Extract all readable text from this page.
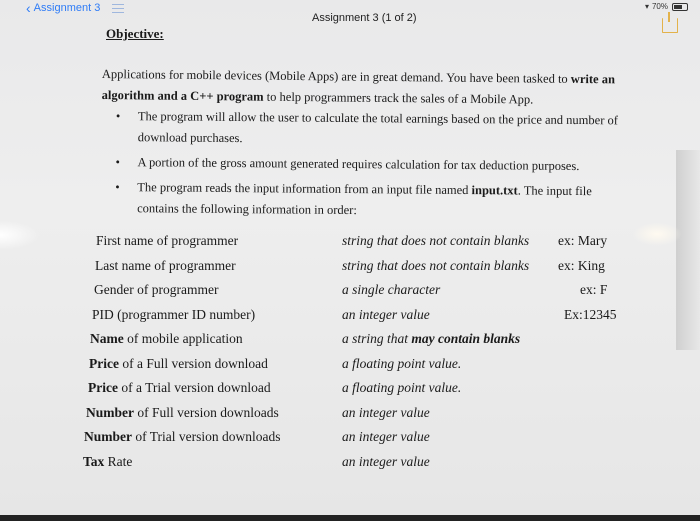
‹ Assignment 3
Assignment 3 (1 of 2)
▾ 70%
Objective:
Applications for mobile devices (Mobile Apps) are in great demand. You have been tasked to write an algorithm and a C++ program to help programmers track the sales of a Mobile App.
• The program will allow the user to calculate the total earnings based on the price and number of download purchases.
• A portion of the gross amount generated requires calculation for tax deduction purposes.
• The program reads the input information from an input file named input.txt. The input file contains the following information in order:
First name of programmer	string that does not contain blanks ex: Mary
Last name of programmer	string that does not contain blanks ex: King
Gender of programmer	a single character	ex: F
PID (programmer ID number)	an integer value	Ex:12345
Name of mobile application	a string that may contain blanks
Price of a Full version download	a floating point value.
Price of a Trial version download	a floating point value.
Number of Full version downloads	an integer value
Number of Trial version downloads	an integer value
Tax Rate	an integer value
